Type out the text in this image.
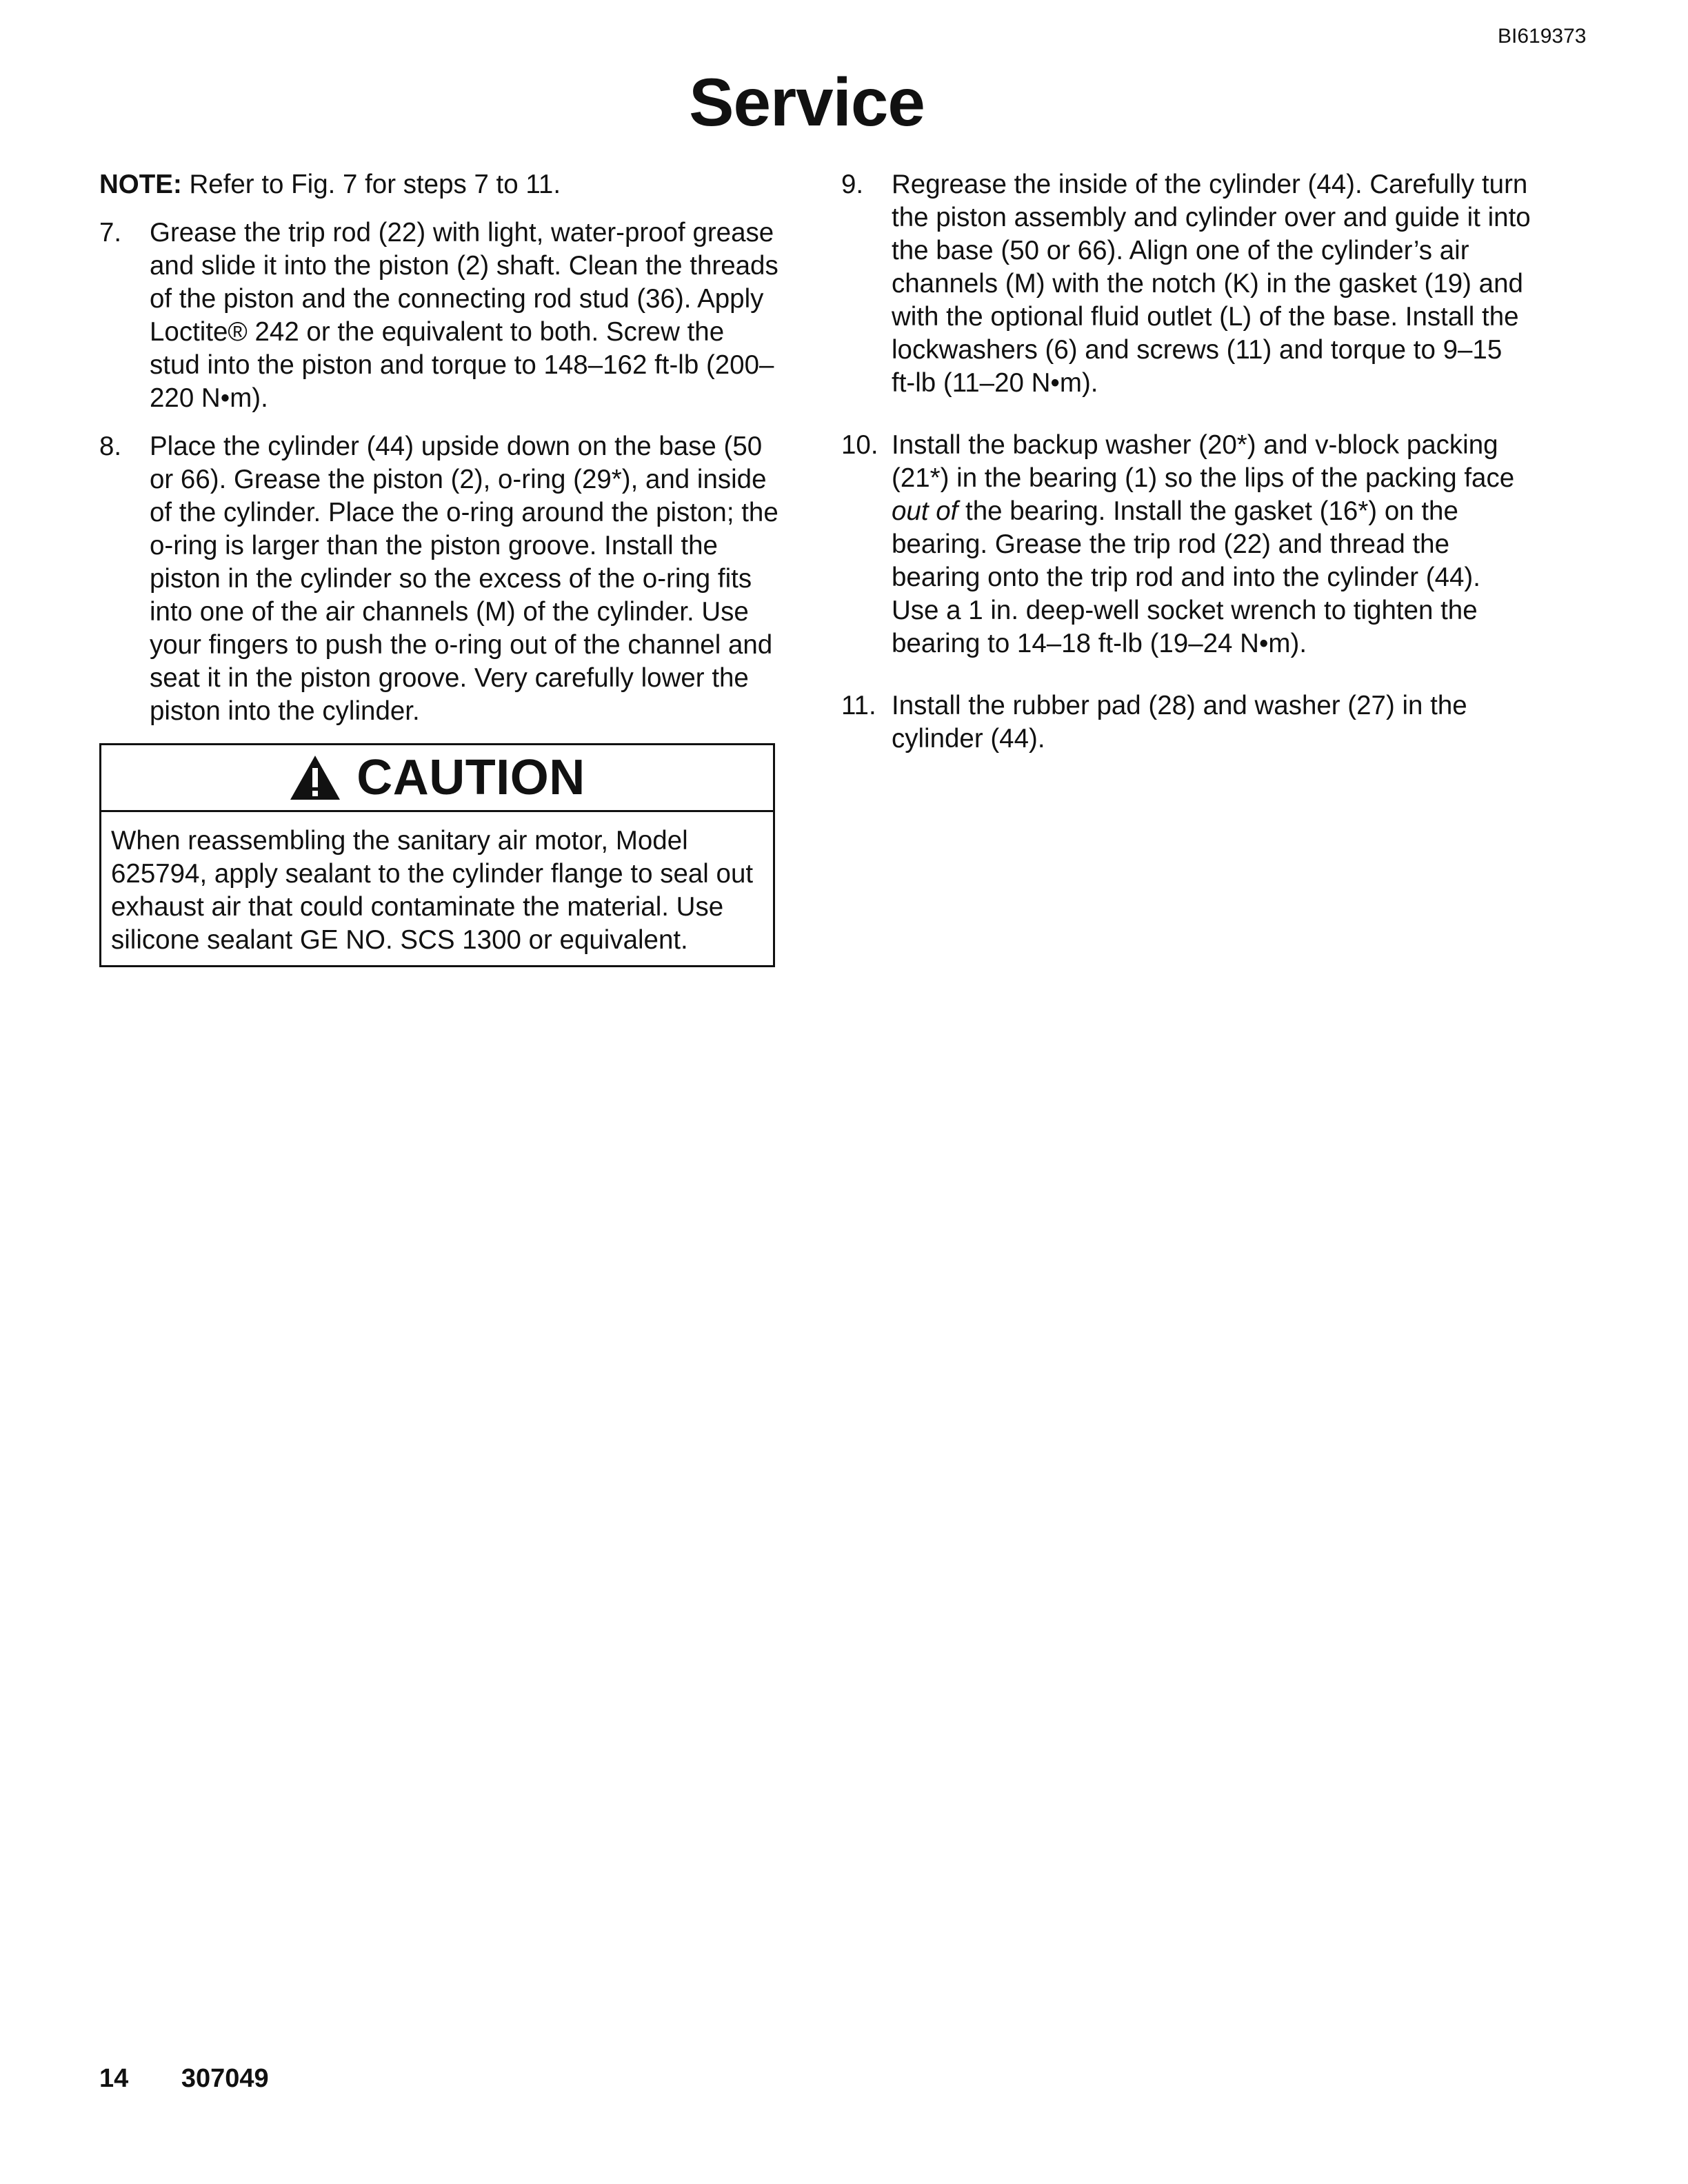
BI619373
Service

NOTE: Refer to Fig. 7 for steps 7 to 11.

7.	Grease the trip rod (22) with light, water-proof grease and slide it into the piston (2) shaft. Clean the threads of the piston and the connecting rod stud (36). Apply Loctite® 242 or the equivalent to both. Screw the stud into the piston and torque to 148–162 ft-lb (200–220 N•m).
8.	Place the cylinder (44) upside down on the base (50 or 66). Grease the piston (2), o-ring (29*), and inside of the cylinder. Place the o-ring around the piston; the o-ring is larger than the piston groove. Install the piston in the cylinder so the excess of the o-ring fits into one of the air channels (M) of the cylinder. Use your fingers to push the o-ring out of the channel and seat it in the piston groove. Very carefully lower the piston into the cylinder.
CAUTION
When reassembling the sanitary air motor, Model 625794, apply sealant to the cylinder flange to seal out exhaust air that could contaminate the material. Use silicone sealant GE NO. SCS 1300 or equivalent.
9.	Regrease the inside of the cylinder (44). Carefully turn the piston assembly and cylinder over and guide it into the base (50 or 66). Align one of the cylinder’s air channels (M) with the notch (K) in the gasket (19) and with the optional fluid outlet (L) of the base. Install the lockwashers (6) and screws (11) and torque to 9–15 ft-lb (11–20 N•m).
10. Install the backup washer (20*) and v-block packing (21*) in the bearing (1) so the lips of the packing face out of the bearing. Install the gasket (16*) on the bearing. Grease the trip rod (22) and thread the bearing onto the trip rod and into the cylinder (44). Use a 1 in. deep-well socket wrench to tighten the bearing to 14–18 ft-lb (19–24 N•m).
11. Install the rubber pad (28) and washer (27) in the cylinder (44).
14 307049
